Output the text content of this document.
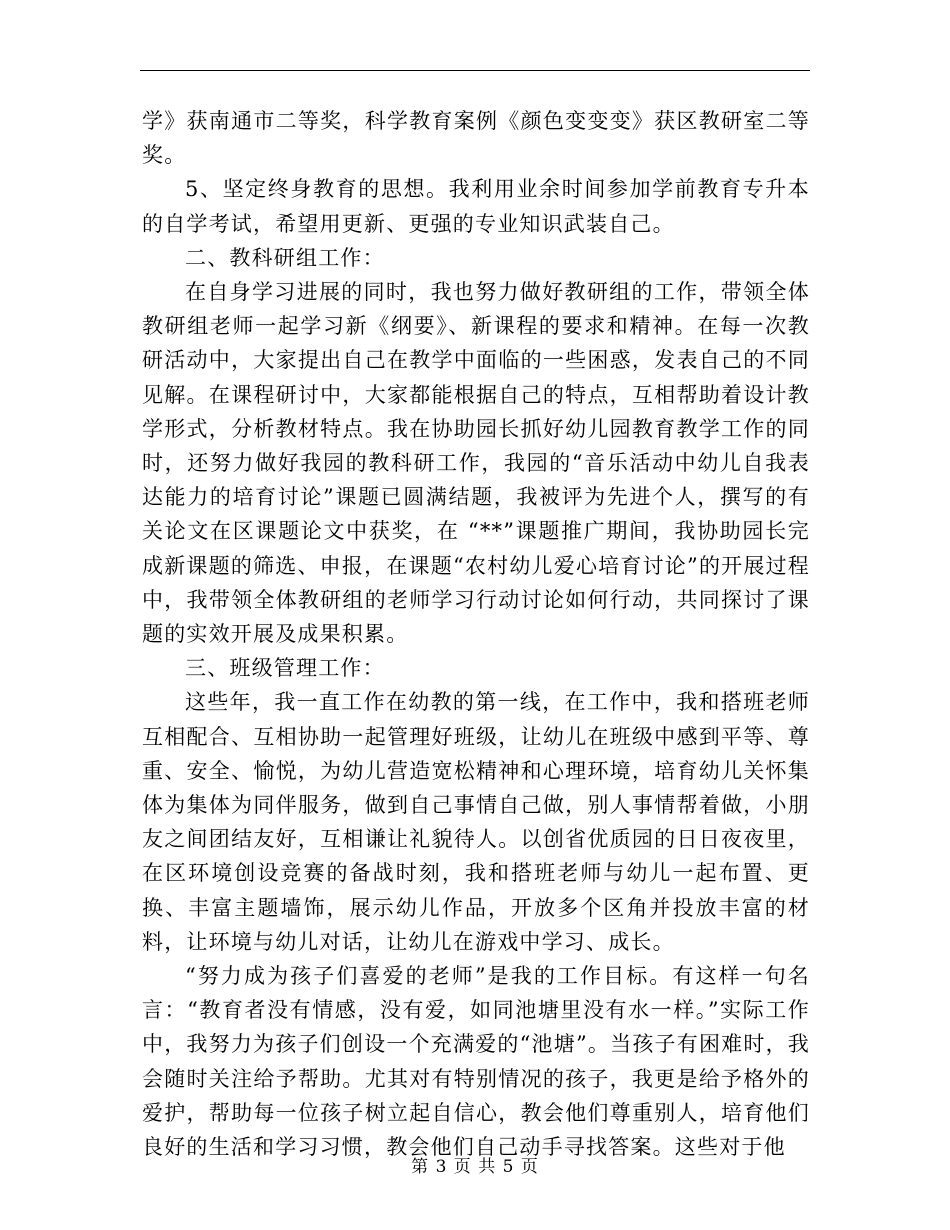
学》获南通市二等奖，科学教育案例《颜色变变变》获区教研室二等奖。

5、坚定终身教育的思想。我利用业余时间参加学前教育专升本的自学考试，希望用更新、更强的专业知识武装自己。

二、教科研组工作：

在自身学习进展的同时，我也努力做好教研组的工作，带领全体教研组老师一起学习新《纲要》、新课程的要求和精神。在每一次教研活动中，大家提出自己在教学中面临的一些困惑，发表自己的不同见解。在课程研讨中，大家都能根据自己的特点，互相帮助着设计教学形式，分析教材特点。我在协助园长抓好幼儿园教育教学工作的同时，还努力做好我园的教科研工作，我园的“音乐活动中幼儿自我表达能力的培育讨论”课题已圆满结题，我被评为先进个人，撰写的有关论文在区课题论文中获奖，在 “**”课题推广期间，我协助园长完成新课题的筛选、申报，在课题“农村幼儿爱心培育讨论”的开展过程中，我带领全体教研组的老师学习行动讨论如何行动，共同探讨了课题的实效开展及成果积累。

三、班级管理工作：

这些年，我一直工作在幼教的第一线，在工作中，我和搭班老师互相配合、互相协助一起管理好班级，让幼儿在班级中感到平等、尊重、安全、愉悦，为幼儿营造宽松精神和心理环境，培育幼儿关怀集体为集体为同伴服务，做到自己事情自己做，别人事情帮着做，小朋友之间团结友好，互相谦让礼貌待人。以创省优质园的日日夜夜里，在区环境创设竞赛的备战时刻，我和搭班老师与幼儿一起布置、更换、丰富主题墙饰，展示幼儿作品，开放多个区角并投放丰富的材料，让环境与幼儿对话，让幼儿在游戏中学习、成长。

“努力成为孩子们喜爱的老师”是我的工作目标。有这样一句名言：“教育者没有情感，没有爱，如同池塘里没有水一样。”实际工作中，我努力为孩子们创设一个充满爱的“池塘”。当孩子有困难时，我会随时关注给予帮助。尤其对有特别情况的孩子，我更是给予格外的爱护，帮助每一位孩子树立起自信心，教会他们尊重别人，培育他们良好的生活和学习习惯，教会他们自己动手寻找答案。这些对于他

第 3 页 共 5 页
